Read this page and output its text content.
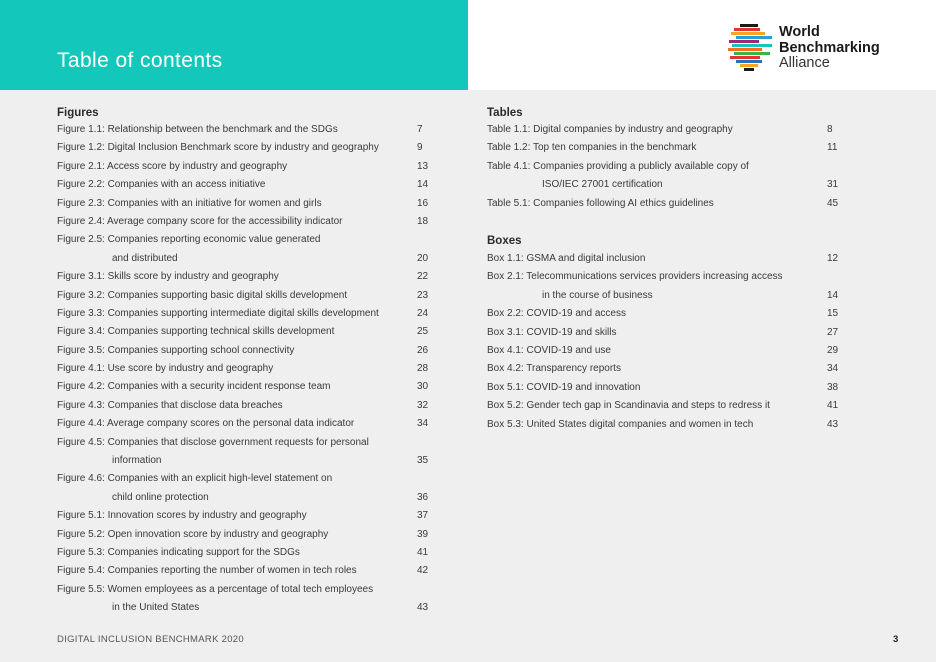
Table of contents
World
Benchmarking
Alliance
Figures
Figure 1.1: Relationship between the benchmark and the SDGs	7
Figure 1.2: Digital Inclusion Benchmark score by industry and geography	9
Figure 2.1: Access score by industry and geography	13
Figure 2.2: Companies with an access initiative	14
Figure 2.3: Companies with an initiative for women and girls	16
Figure 2.4: Average company score for the accessibility indicator	18
Figure 2.5: Companies reporting economic value generated
and distributed	20
Figure 3.1: Skills score by industry and geography	22
Figure 3.2: Companies supporting basic digital skills development	23
Figure 3.3: Companies supporting intermediate digital skills development	24
Figure 3.4: Companies supporting technical skills development	25
Figure 3.5: Companies supporting school connectivity	26
Figure 4.1: Use score by industry and geography	28
Figure 4.2: Companies with a security incident response team	30
Figure 4.3: Companies that disclose data breaches	32
Figure 4.4: Average company scores on the personal data indicator	34
Figure 4.5: Companies that disclose government requests for personal
information	35
Figure 4.6: Companies with an explicit high-level statement on
child online protection	36
Figure 5.1: Innovation scores by industry and geography	37
Figure 5.2: Open innovation score by industry and geography	39
Figure 5.3: Companies indicating support for the SDGs	41
Figure 5.4: Companies reporting the number of women in tech roles	42
Figure 5.5: Women employees as a percentage of total tech employees
in the United States	43
Tables
Table 1.1: Digital companies by industry and geography	8
Table 1.2: Top ten companies in the benchmark	11
Table 4.1: Companies providing a publicly available copy of
ISO/IEC 27001 certification	31
Table 5.1: Companies following AI ethics guidelines	45
Boxes
Box 1.1: GSMA and digital inclusion	12
Box 2.1: Telecommunications services providers increasing access
in the course of business	14
Box 2.2: COVID-19 and access	15
Box 3.1: COVID-19 and skills	27
Box 4.1: COVID-19 and use	29
Box 4.2: Transparency reports	34
Box 5.1: COVID-19 and innovation	38
Box 5.2: Gender tech gap in Scandinavia and steps to redress it	41
Box 5.3: United States digital companies and women in tech	43
DIGITAL INCLUSION BENCHMARK 2020	3
